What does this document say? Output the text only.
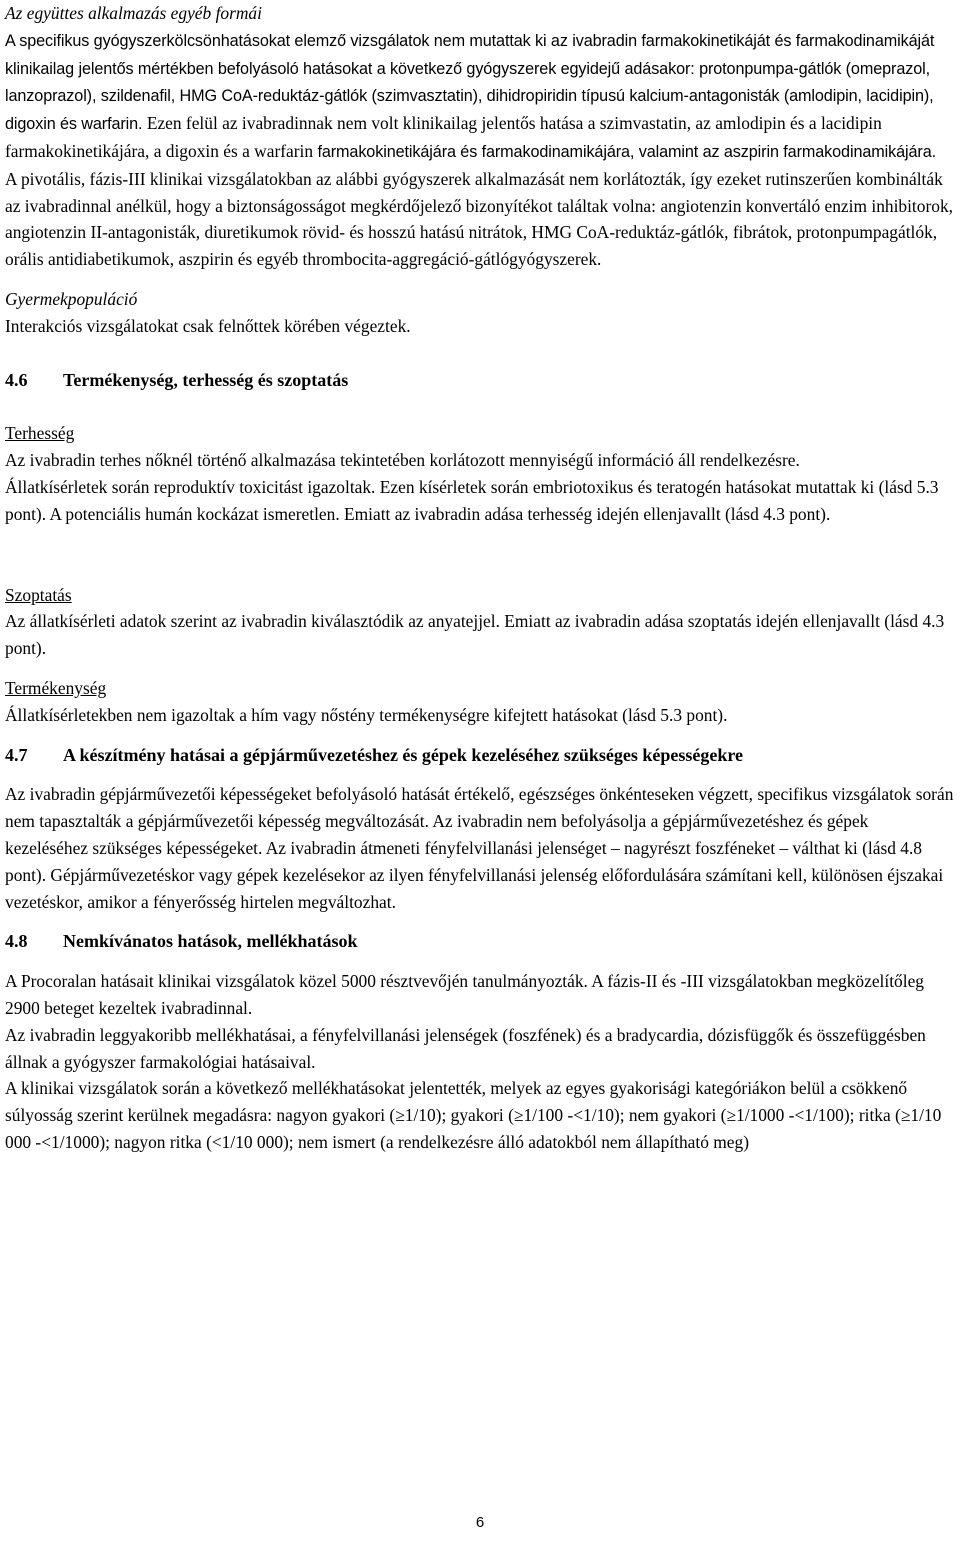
Az együttes alkalmazás egyéb formái

A specifikus gyógyszerkölcsönhatásokat elemző vizsgálatok nem mutattak ki az ivabradin farmakokinetikáját és farmakodinamikáját klinikailag jelentős mértékben befolyásoló hatásokat a következő gyógyszerek egyidejű adásakor: protonpumpa-gátlók (omeprazol, lanzoprazol), szildenafil, HMG CoA-reduktáz-gátlók (szimvasztatin), dihidropiridin típusú kalcium-antagonisták (amlodipin, lacidipin), digoxin és warfarin. Ezen felül az ivabradinnak nem volt klinikailag jelentős hatása a szimvastatin, az amlodipin és a lacidipin farmakokinetikájára, a digoxin és a warfarin farmakokinetikájára és farmakodinamikájára, valamint az aszpirin farmakodinamikájára.

A pivotális, fázis-III klinikai vizsgálatokban az alábbi gyógyszerek alkalmazását nem korlátozták, így ezeket rutinszerűen kombinálták az ivabradinnal anélkül, hogy a biztonságosságot megkérdőjelező bizonyítékot találtak volna: angiotenzin konvertáló enzim inhibitorok, angiotenzin II-antagonisták, diuretikumok rövid- és hosszú hatású nitrátok, HMG CoA-reduktáz-gátlók, fibrátok, protonpumpagátlók, orális antidiabetikumok, aszpirin és egyéb thrombocita-aggregáció-gátlógyógyszerek.

Gyermekpopuláció

Interakciós vizsgálatokat csak felnőttek körében végeztek.

4.6	Termékenység, terhesség és szoptatás

Terhesség

Az ivabradin terhes nőknél történő alkalmazása tekintetében korlátozott mennyiségű információ áll rendelkezésre.

Állatkísérletek során reproduktív toxicitást igazoltak. Ezen kísérletek során embriotoxikus és teratogén hatásokat mutattak ki (lásd 5.3 pont). A potenciális humán kockázat ismeretlen. Emiatt az ivabradin adása terhesség idején ellenjavallt (lásd 4.3 pont).

Szoptatás

Az állatkísérleti adatok szerint az ivabradin kiválasztódik az anyatejjel. Emiatt az ivabradin adása szoptatás idején ellenjavallt (lásd 4.3 pont).

Termékenység

Állatkísérletekben nem igazoltak a hím vagy nőstény termékenységre kifejtett hatásokat (lásd 5.3 pont).

4.7	A készítmény hatásai a gépjárművezetéshez és gépek kezeléséhez szükséges képességekre

Az ivabradin gépjárművezetői képességeket befolyásoló hatását értékelő, egészséges önkénteseken végzett, specifikus vizsgálatok során nem tapasztalták a gépjárművezetői képesség megváltozását. Az ivabradin nem befolyásolja a gépjárművezetéshez és gépek kezeléséhez szükséges képességeket. Az ivabradin átmeneti fényfelvillanási jelenséget – nagyrészt foszféneket – válthat ki (lásd 4.8 pont). Gépjárművezetéskor vagy gépek kezelésekor az ilyen fényfelvillanási jelenség előfordulására számítani kell, különösen éjszakai vezetéskor, amikor a fényerősség hirtelen megváltozhat.

4.8	Nemkívánatos hatások, mellékhatások

A Procoralan hatásait klinikai vizsgálatok közel 5000 résztvevőjén tanulmányozták. A fázis-II és -III vizsgálatokban megközelítőleg 2900 beteget kezeltek ivabradinnal.

Az ivabradin leggyakoribb mellékhatásai, a fényfelvillanási jelenségek (foszfének) és a bradycardia, dózisfüggők és összefüggésben állnak a gyógyszer farmakológiai hatásaival.

A klinikai vizsgálatok során a következő mellékhatásokat jelentették, melyek az egyes gyakorisági kategóriákon belül a csökkenő súlyosság szerint kerülnek megadásra: nagyon gyakori (≥1/10); gyakori (≥1/100 -<1/10); nem gyakori (≥1/1000 -<1/100); ritka (≥1/10 000 -<1/1000); nagyon ritka (<1/10 000); nem ismert (a rendelkezésre álló adatokból nem állapítható meg)

6
